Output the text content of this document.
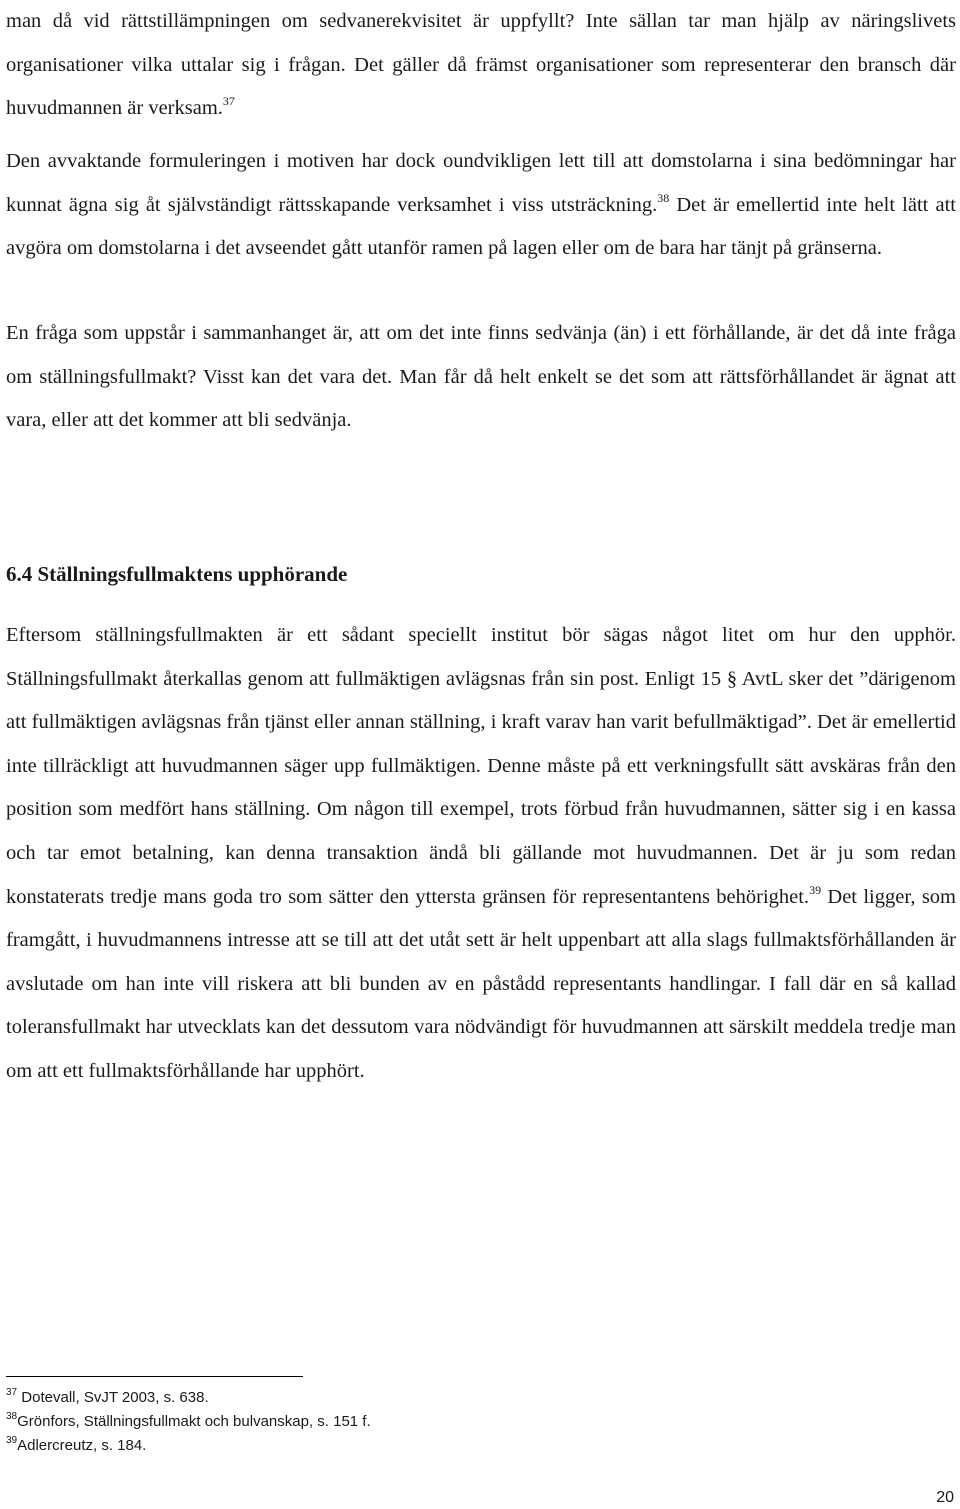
man då vid rättstillämpningen om sedvanerekvisitet är uppfyllt? Inte sällan tar man hjälp av näringslivets organisationer vilka uttalar sig i frågan. Det gäller då främst organisationer som representerar den bransch där huvudmannen är verksam.$^{37}$

Den avvaktande formuleringen i motiven har dock oundvikligen lett till att domstolarna i sina bedömningar har kunnat ägna sig åt självständigt rättsskapande verksamhet i viss utsträckning.$^{38}$ Det är emellertid inte helt lätt att avgöra om domstolarna i det avseendet gått utanför ramen på lagen eller om de bara har tänjt på gränserna.

En fråga som uppstår i sammanhanget är, att om det inte finns sedvänja (än) i ett förhållande, är det då inte fråga om ställningsfullmakt? Visst kan det vara det. Man får då helt enkelt se det som att rättsförhållandet är ägnat att vara, eller att det kommer att bli sedvänja.

6.4 Ställningsfullmaktens upphörande

Eftersom ställningsfullmakten är ett sådant speciellt institut bör sägas något litet om hur den upphör. Ställningsfullmakt återkallas genom att fullmäktigen avlägsnas från sin post. Enligt 15 § AvtL sker det ”därigenom att fullmäktigen avlägsnas från tjänst eller annan ställning, i kraft varav han varit befullmäktigad”. Det är emellertid inte tillräckligt att huvudmannen säger upp fullmäktigen. Denne måste på ett verkningsfullt sätt avskäras från den position som medfört hans ställning. Om någon till exempel, trots förbud från huvudmannen, sätter sig i en kassa och tar emot betalning, kan denna transaktion ändå bli gällande mot huvudmannen. Det är ju som redan konstaterats tredje mans goda tro som sätter den yttersta gränsen för representantens behörighet.$^{39}$ Det ligger, som framgått, i huvudmannens intresse att se till att det utåt sett är helt uppenbart att alla slags fullmaktsförhållanden är avslutade om han inte vill riskera att bli bunden av en påstådd representants handlingar. I fall där en så kallad toleransfullmakt har utvecklats kan det dessutom vara nödvändigt för huvudmannen att särskilt meddela tredje man om att ett fullmaktsförhållande har upphört.

$^{37}$ Dotevall, SvJT 2003, s. 638.
$^{38}$Grönfors, Ställningsfullmakt och bulvanskap, s. 151 f.
$^{39}$Adlercreutz, s. 184.
20
